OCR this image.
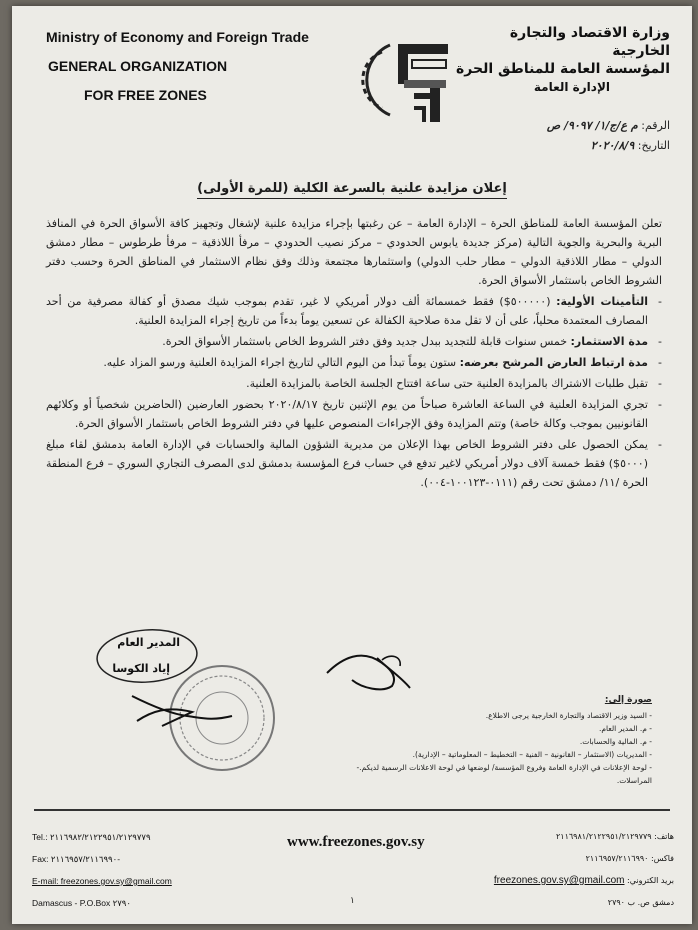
Ministry of Economy and Foreign Trade
GENERAL ORGANIZATION
FOR FREE ZONES
وزارة الاقتصاد والتجارة الخارجية
المؤسسة العامة للمناطق الحرة
الإدارة العامة
الرقم: م ع/ج/١/ ٩٠٩٧/ ص
التاريخ: ٢٠٢٠/٨/٩
إعلان مزايدة علنية بالسرعة الكلية (للمرة الأولى)

تعلن المؤسسة العامة للمناطق الحرة – الإدارة العامة – عن رغبتها بإجراء مزايدة علنية لإشغال وتجهيز كافة الأسواق الحرة في المنافذ البرية والبحرية والجوية التالية (مركز جديدة يابوس الحدودي – مركز نصيب الحدودي – مرفأ اللاذقية – مرفأ طرطوس – مطار دمشق الدولي – مطار اللاذقية الدولي – مطار حلب الدولي) واستثمارها مجتمعة وذلك وفق نظام الاستثمار في المناطق الحرة وحسب دفتر الشروط الخاص باستثمار الأسواق الحرة.

- التأمينات الأولية: (٥٠٠٠٠٠$) فقط خمسمائة ألف دولار أمريكي لا غير، تقدم بموجب شيك مصدق أو كفالة مصرفية من أحد المصارف المعتمدة محلياً، على أن لا تقل مدة صلاحية الكفالة عن تسعين يوماً بدءاً من تاريخ إجراء المزايدة العلنية.

- مدة الاستثمار: خمس سنوات قابلة للتجديد ببدل جديد وفق دفتر الشروط الخاص باستثمار الأسواق الحرة.

- مدة ارتباط العارض المرشح بعرضه: ستون يوماً تبدأ من اليوم التالي لتاريخ اجراء المزايدة العلنية ورسو المزاد عليه.

- تقبل طلبات الاشتراك بالمزايدة العلنية حتى ساعة افتتاح الجلسة الخاصة بالمزايدة العلنية.

- تجري المزايدة العلنية في الساعة العاشرة صباحاً من يوم الإثنين تاريخ ٢٠٢٠/٨/١٧ بحضور العارضين (الحاضرين شخصياً أو وكلائهم القانونيين بموجب وكالة خاصة) وتتم المزايدة وفق الإجراءات المنصوص عليها في دفتر الشروط الخاص باستثمار الأسواق الحرة.

- يمكن الحصول على دفتر الشروط الخاص بهذا الإعلان من مديرية الشؤون المالية والحسابات في الإدارة العامة بدمشق لقاء مبلغ (٥٠٠٠$) فقط خمسة آلاف دولار أمريكي لاغير تدفع في حساب فرع المؤسسة بدمشق لدى المصرف التجاري السوري – فرع المنطقة الحرة /١١/ دمشق تحت رقم (٠١١١-١٠٠١٢٣-٠٠٤).

المدير العام
إياد الكوسا
صورة إلى:
- السيد وزير الاقتصاد والتجارة الخارجية يرجى الاطلاع.
- م. المدير العام.
- م. المالية والحسابات.
- المديريات (الاستثمار – القانونية – الفنية – التخطيط – المعلوماتية – الإدارية).
- لوحة الإعلانات في الإدارة العامة وفروع المؤسسة/ لوضعها في لوحة الاعلانات الرسمية لديكم.- المراسلات.
Tel.: ٢١١٦٩٨٢/٢١٢٢٩٥١/٢١٢٩٧٧٩
Fax: ٢١١٦٩٥٧/٢١١٦٩٩٠-
E-mail: freezones.gov.sy@gmail.com
Damascus - P.O.Box ٢٧٩٠
www.freezones.gov.sy	هاتف: ٢١١٦٩٨١/٢١٢٢٩٥١/٢١٢٩٧٧٩
فاكس: ٢١١٦٩٥٧/٢١١٦٩٩٠
بريد الكتروني: freezones.gov.sy@gmail.com
دمشق ص. ب ٢٧٩٠
١
